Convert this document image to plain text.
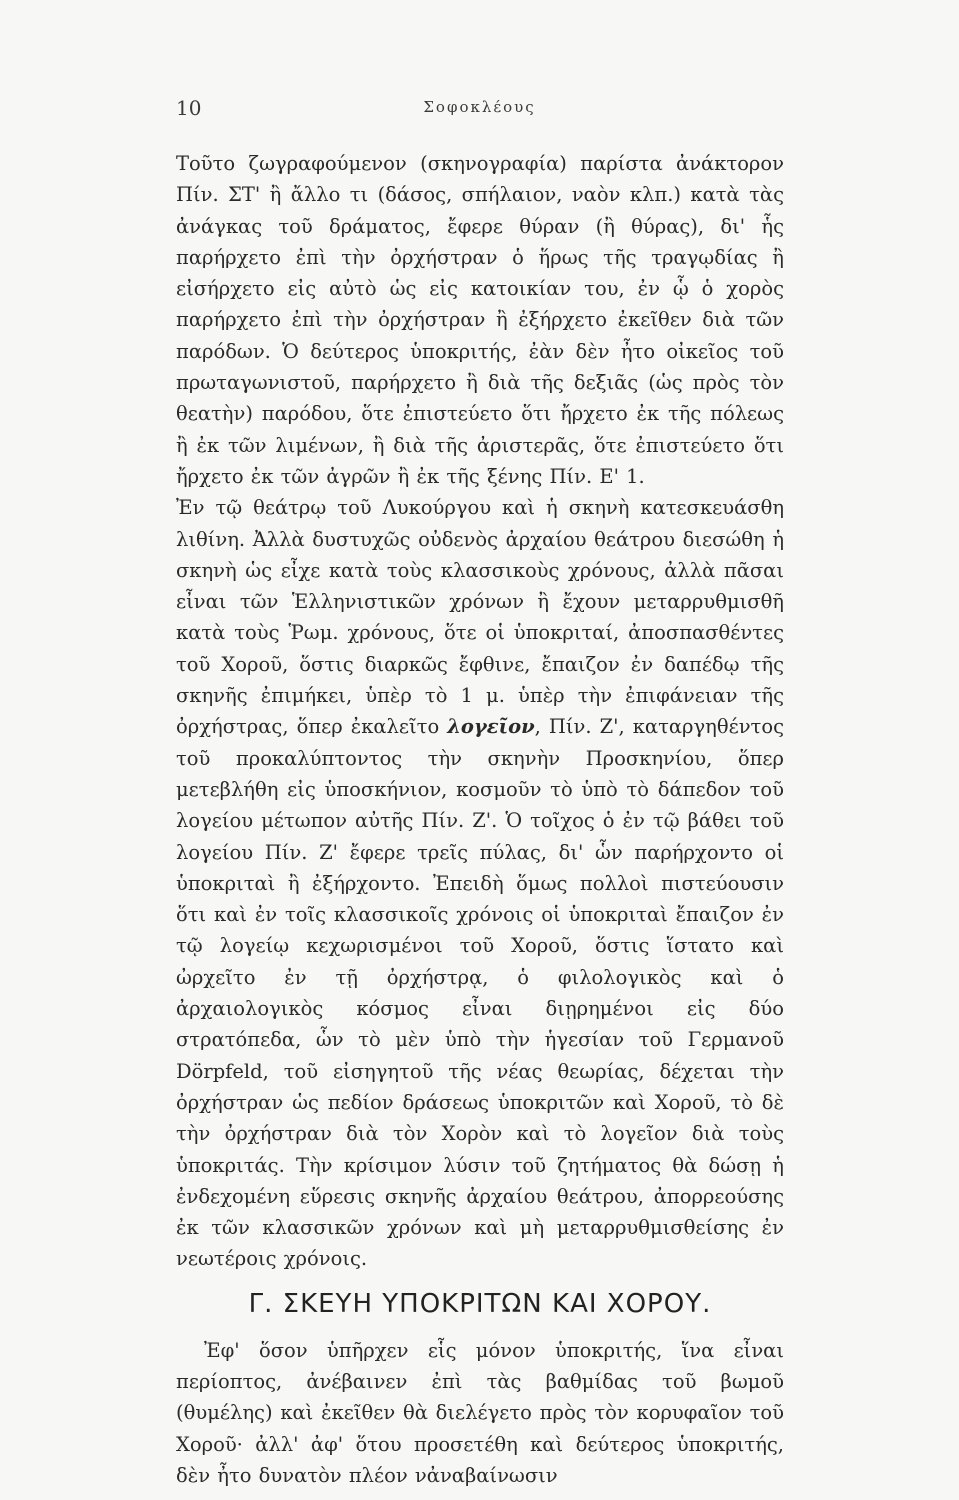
10	Σοφοκλέους

Τοῦτο ζωγραφούμενον (σκηνογραφία) παρίστα ἀνάκτορον Πίν. ΣΤ' ἢ ἄλλο τι (δάσος, σπήλαιον, ναὸν κλπ.) κατὰ τὰς ἀνάγκας τοῦ δράματος, ἔφερε θύραν (ἢ θύρας), δι' ἧς παρήρχετο ἐπὶ τὴν ὀρχήστραν ὁ ἥρως τῆς τραγῳδίας ἢ εἰσήρχετο εἰς αὐτὸ ὡς εἰς κατοικίαν του, ἐν ᾧ ὁ χορὸς παρήρχετο ἐπὶ τὴν ὀρχήστραν ἢ ἐξήρχετο ἐκεῖθεν διὰ τῶν παρόδων. Ὁ δεύτερος ὑποκριτής, ἐὰν δὲν ἦτο οἰκεῖος τοῦ πρωταγωνιστοῦ, παρήρχετο ἢ διὰ τῆς δεξιᾶς (ὡς πρὸς τὸν θεατὴν) παρόδου, ὅτε ἐπιστεύετο ὅτι ἤρχετο ἐκ τῆς πόλεως ἢ ἐκ τῶν λιμένων, ἢ διὰ τῆς ἀριστερᾶς, ὅτε ἐπιστεύετο ὅτι ἤρχετο ἐκ τῶν ἀγρῶν ἢ ἐκ τῆς ξένης Πίν. Ε' 1.

Ἐν τῷ θεάτρῳ τοῦ Λυκούργου καὶ ἡ σκηνὴ κατεσκευάσθη λιθίνη. Ἀλλὰ δυστυχῶς οὐδενὸς ἀρχαίου θεάτρου διεσώθη ἡ σκηνὴ ὡς εἶχε κατὰ τοὺς κλασσικοὺς χρόνους, ἀλλὰ πᾶσαι εἶναι τῶν Ἑλληνιστικῶν χρόνων ἢ ἔχουν μεταρρυθμισθῆ κατὰ τοὺς Ῥωμ. χρόνους, ὅτε οἱ ὑποκριταί, ἀποσπασθέντες τοῦ Χοροῦ, ὅστις διαρκῶς ἔφθινε, ἔπαιζον ἐν δαπέδῳ τῆς σκηνῆς ἐπιμήκει, ὑπὲρ τὸ 1 μ. ὑπὲρ τὴν ἐπιφάνειαν τῆς ὀρχήστρας, ὅπερ ἐκαλεῖτο λογεῖον, Πίν. Ζ', καταργηθέντος τοῦ προκαλύπτοντος τὴν σκηνὴν Προσκηνίου, ὅπερ μετεβλήθη εἰς ὑποσκήνιον, κοσμοῦν τὸ ὑπὸ τὸ δάπεδον τοῦ λογείου μέτωπον αὐτῆς Πίν. Ζ'. Ὁ τοῖχος ὁ ἐν τῷ βάθει τοῦ λογείου Πίν. Ζ' ἔφερε τρεῖς πύλας, δι' ὧν παρήρχοντο οἱ ὑποκριταὶ ἢ ἐξήρχοντο. Ἐπειδὴ ὅμως πολλοὶ πιστεύουσιν ὅτι καὶ ἐν τοῖς κλασσικοῖς χρόνοις οἱ ὑποκριταὶ ἔπαιζον ἐν τῷ λογείῳ κεχωρισμένοι τοῦ Χοροῦ, ὅστις ἵστατο καὶ ὠρχεῖτο ἐν τῇ ὀρχήστρᾳ, ὁ φιλολογικὸς καὶ ὁ ἀρχαιολογικὸς κόσμος εἶναι διῃρημένοι εἰς δύο στρατόπεδα, ὧν τὸ μὲν ὑπὸ τὴν ἡγεσίαν τοῦ Γερμανοῦ Dörpfeld, τοῦ εἰσηγητοῦ τῆς νέας θεωρίας, δέχεται τὴν ὀρχήστραν ὡς πεδίον δράσεως ὑποκριτῶν καὶ Χοροῦ, τὸ δὲ τὴν ὀρχήστραν διὰ τὸν Χορὸν καὶ τὸ λογεῖον διὰ τοὺς ὑποκριτάς. Τὴν κρίσιμον λύσιν τοῦ ζητήματος θὰ δώσῃ ἡ ἐνδεχομένη εὕρεσις σκηνῆς ἀρχαίου θεάτρου, ἀπορρεούσης ἐκ τῶν κλασσικῶν χρόνων καὶ μὴ μεταρρυθμισθείσης ἐν νεωτέροις χρόνοις.

Γ. ΣΚΕΥΗ ΥΠΟΚΡΙΤΩΝ ΚΑΙ ΧΟΡΟΥ.

Ἐφ' ὅσον ὑπῆρχεν εἷς μόνον ὑποκριτής, ἵνα εἶναι περίοπτος, ἀνέβαινεν ἐπὶ τὰς βαθμίδας τοῦ βωμοῦ (θυμέλης) καὶ ἐκεῖθεν θὰ διελέγετο πρὸς τὸν κορυφαῖον τοῦ Χοροῦ· ἀλλ' ἀφ' ὅτου προσετέθη καὶ δεύτερος ὑποκριτής, δὲν ἦτο δυνατὸν πλέον νἀναβαίνωσιν
